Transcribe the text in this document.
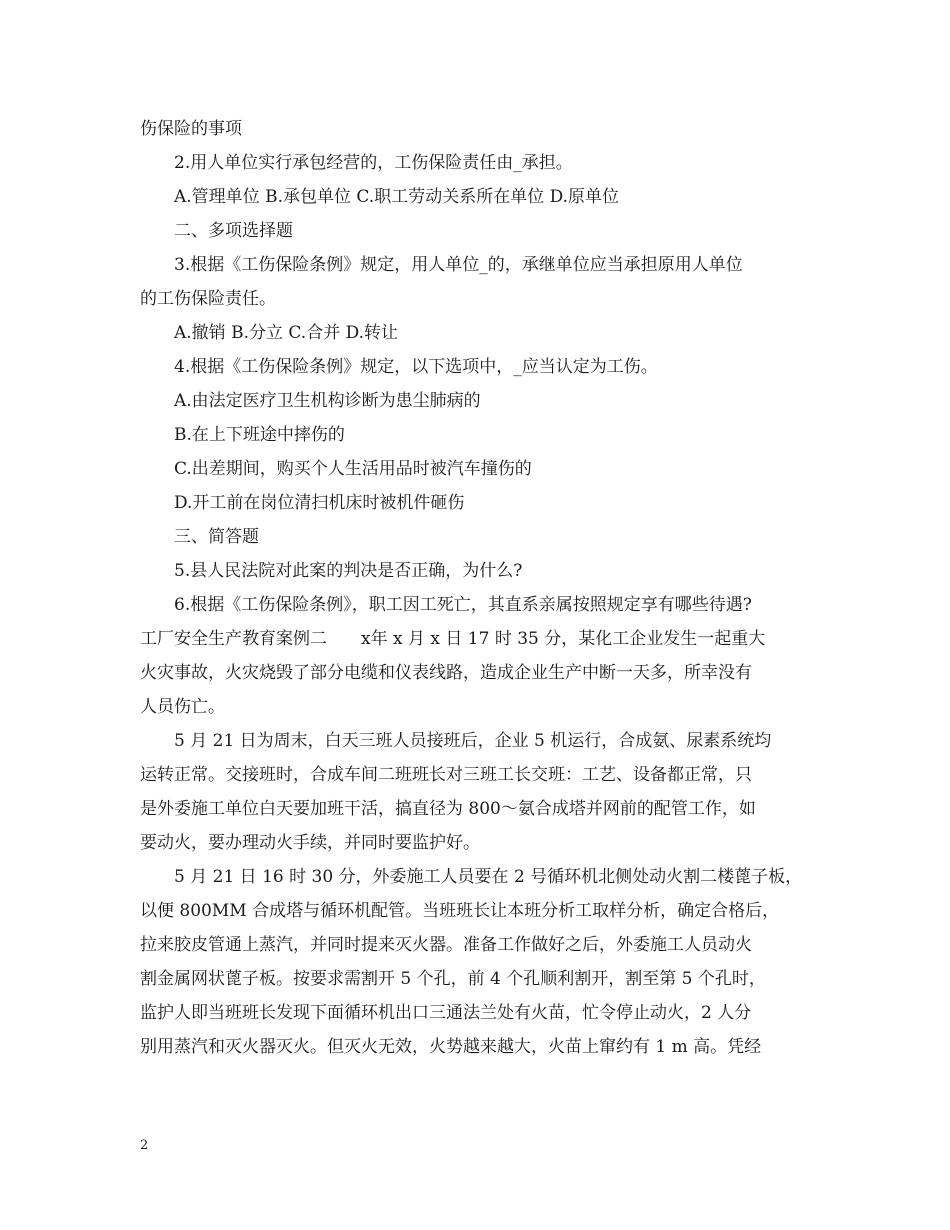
伤保险的事项
2.用人单位实行承包经营的，工伤保险责任由_承担。
A.管理单位 B.承包单位 C.职工劳动关系所在单位 D.原单位
二、多项选择题
3.根据《工伤保险条例》规定，用人单位_的，承继单位应当承担原用人单位
的工伤保险责任。
A.撤销 B.分立 C.合并 D.转让
4.根据《工伤保险条例》规定，以下选项中，_应当认定为工伤。
A.由法定医疗卫生机构诊断为患尘肺病的
B.在上下班途中摔伤的
C.出差期间，购买个人生活用品时被汽车撞伤的
D.开工前在岗位清扫机床时被机件砸伤
三、简答题
5.县人民法院对此案的判决是否正确，为什么?
6.根据《工伤保险条例》，职工因工死亡，其直系亲属按照规定享有哪些待遇?
工厂安全生产教育案例二　　x年 x 月 x 日 17 时 35 分，某化工企业发生一起重大
火灾事故，火灾烧毁了部分电缆和仪表线路，造成企业生产中断一天多，所幸没有
人员伤亡。
5 月 21 日为周末，白天三班人员接班后，企业 5 机运行，合成氨、尿素系统均
运转正常。交接班时，合成车间二班班长对三班工长交班：工艺、设备都正常，只
是外委施工单位白天要加班干活，搞直径为 800～氨合成塔并网前的配管工作，如
要动火，要办理动火手续，并同时要监护好。
5 月 21 日 16 时 30 分，外委施工人员要在 2 号循环机北侧处动火割二楼蓖子板，
以便 800MM 合成塔与循环机配管。当班班长让本班分析工取样分析，确定合格后，
拉来胶皮管通上蒸汽，并同时提来灭火器。准备工作做好之后，外委施工人员动火
割金属网状蓖子板。按要求需割开 5 个孔，前 4 个孔顺利割开，割至第 5 个孔时，
监护人即当班班长发现下面循环机出口三通法兰处有火苗，忙令停止动火，2 人分
别用蒸汽和灭火器灭火。但灭火无效，火势越来越大，火苗上窜约有 1 m 高。凭经
2
